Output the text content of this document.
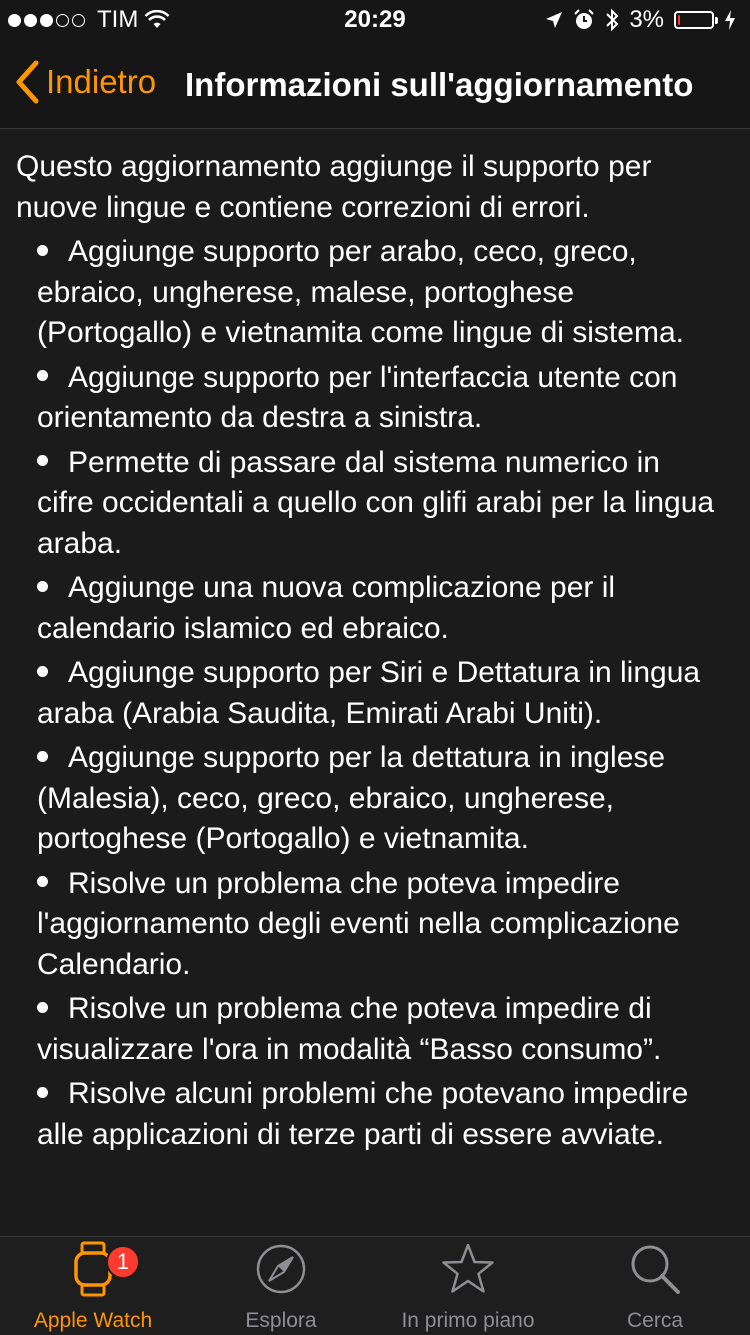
TIM	20:29	3%
Indietro Informazioni sull'aggiornamento
Questo aggiornamento aggiunge il supporto per nuove lingue e contiene correzioni di errori.
Aggiunge supporto per arabo, ceco, greco, ebraico, ungherese, malese, portoghese (Portogallo) e vietnamita come lingue di sistema.
Aggiunge supporto per l'interfaccia utente con orientamento da destra a sinistra.
Permette di passare dal sistema numerico in cifre occidentali a quello con glifi arabi per la lingua araba.
Aggiunge una nuova complicazione per il calendario islamico ed ebraico.
Aggiunge supporto per Siri e Dettatura in lingua araba (Arabia Saudita, Emirati Arabi Uniti).
Aggiunge supporto per la dettatura in inglese (Malesia), ceco, greco, ebraico, ungherese, portoghese (Portogallo) e vietnamita.
Risolve un problema che poteva impedire l'aggiornamento degli eventi nella complicazione Calendario.
Risolve un problema che poteva impedire di visualizzare l'ora in modalità “Basso consumo”.
Risolve alcuni problemi che potevano impedire alle applicazioni di terze parti di essere avviate.
1
Apple Watch	Esplora	In primo piano	Cerca
